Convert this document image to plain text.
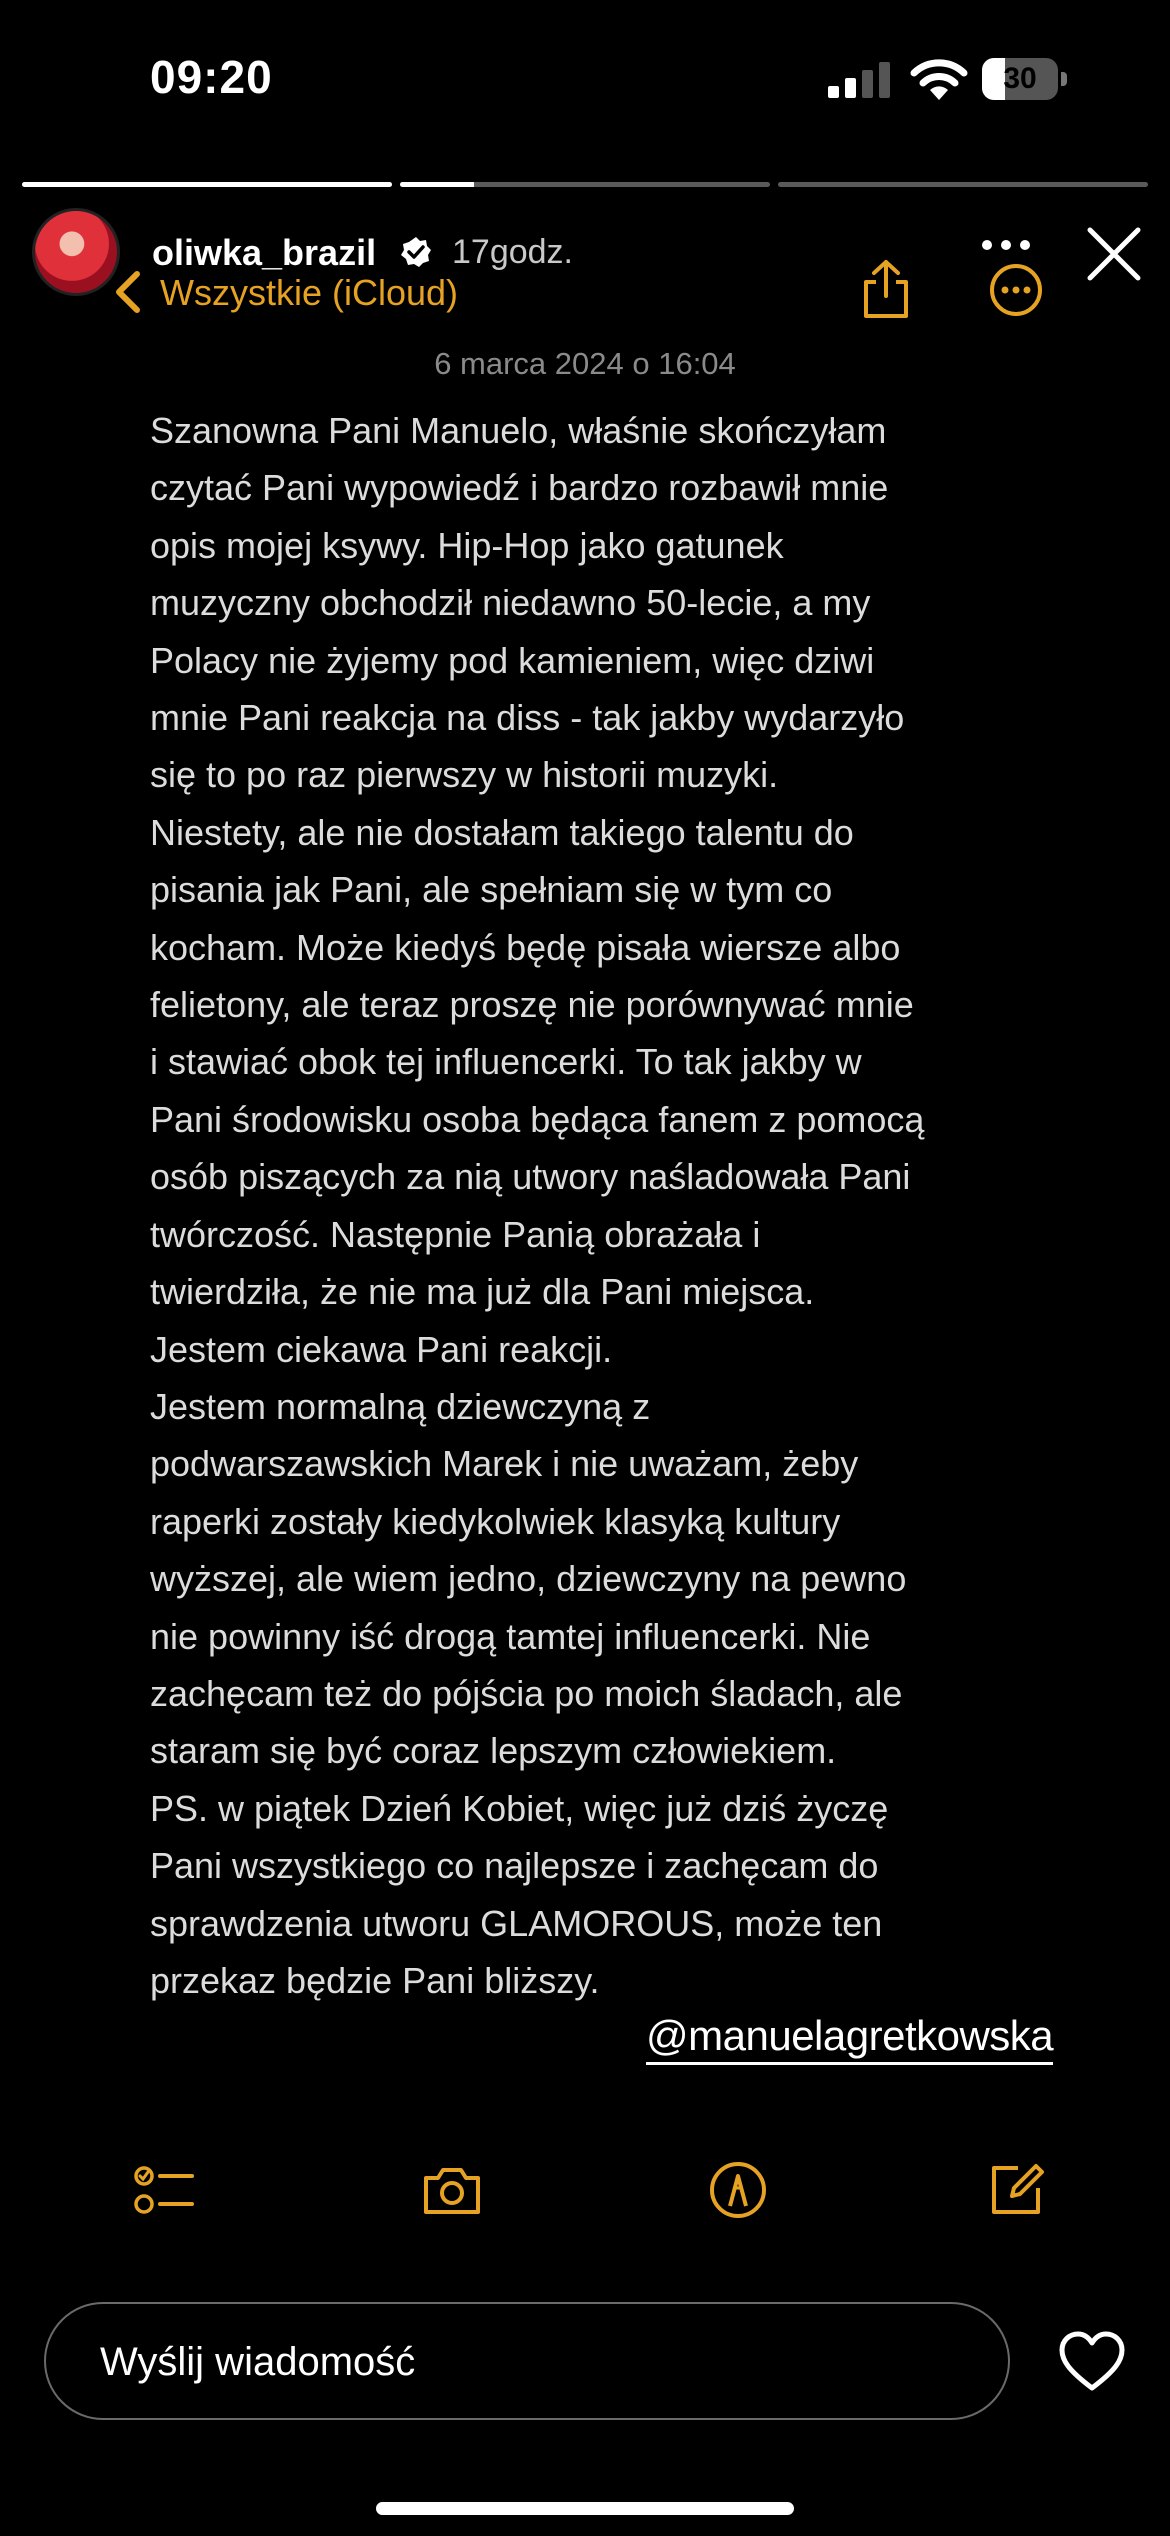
09:20	30
oliwka_brazil 17godz.
Wszystkie (iCloud)
6 marca 2024 o 16:04
Szanowna Pani Manuelo, właśnie skończyłam
czytać Pani wypowiedź i bardzo rozbawił mnie
opis mojej ksywy. Hip-Hop jako gatunek
muzyczny obchodził niedawno 50-lecie, a my
Polacy nie żyjemy pod kamieniem, więc dziwi
mnie Pani reakcja na diss - tak jakby wydarzyło
się to po raz pierwszy w historii muzyki.
Niestety, ale nie dostałam takiego talentu do
pisania jak Pani, ale spełniam się w tym co
kocham. Może kiedyś będę pisała wiersze albo
felietony, ale teraz proszę nie porównywać mnie
i stawiać obok tej influencerki. To tak jakby w
Pani środowisku osoba będąca fanem z pomocą
osób piszących za nią utwory naśladowała Pani
twórczość. Następnie Panią obrażała i
twierdziła, że nie ma już dla Pani miejsca.
Jestem ciekawa Pani reakcji.
Jestem normalną dziewczyną z
podwarszawskich Marek i nie uważam, żeby
raperki zostały kiedykolwiek klasyką kultury
wyższej, ale wiem jedno, dziewczyny na pewno
nie powinny iść drogą tamtej influencerki. Nie
zachęcam też do pójścia po moich śladach, ale
staram się być coraz lepszym człowiekiem.
PS. w piątek Dzień Kobiet, więc już dziś życzę
Pani wszystkiego co najlepsze i zachęcam do
sprawdzenia utworu GLAMOROUS, może ten
przekaz będzie Pani bliższy.
@manuelagretkowska
Wyślij wiadomość
